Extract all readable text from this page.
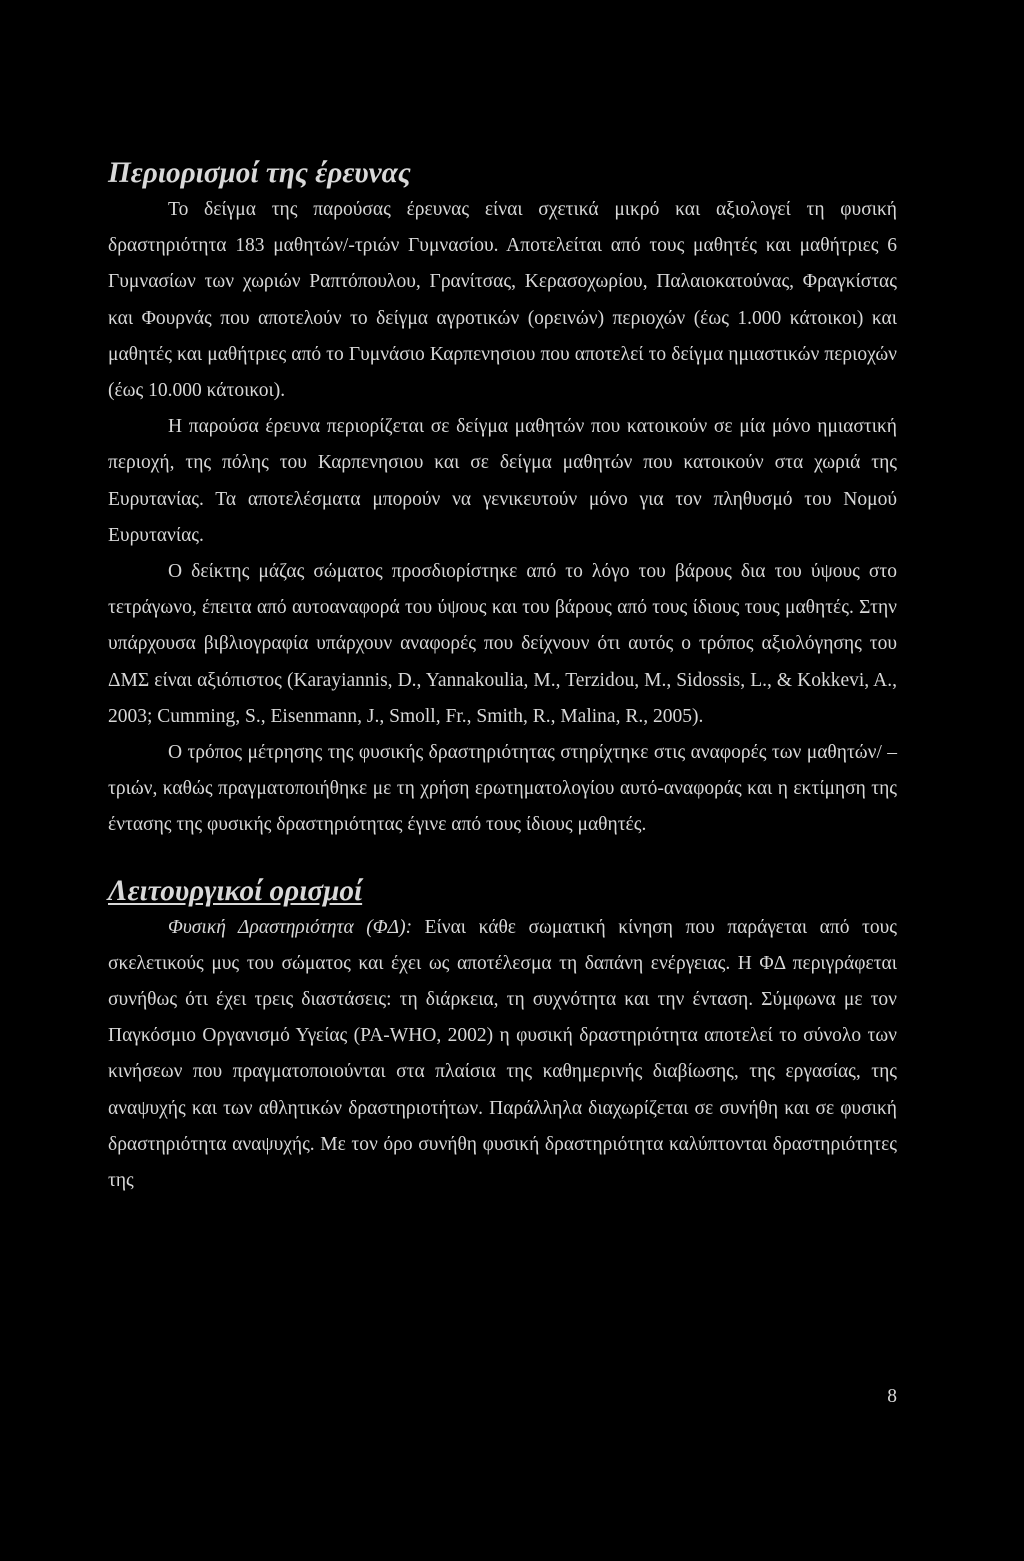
Περιορισμοί της έρευνας

Το δείγμα της παρούσας έρευνας είναι σχετικά μικρό και αξιολογεί τη φυσική δραστηριότητα 183 μαθητών/-τριών Γυμνασίου. Αποτελείται από τους μαθητές και μαθήτριες 6 Γυμνασίων των χωριών Ραπτόπουλου, Γρανίτσας, Κερασοχωρίου, Παλαιοκατούνας, Φραγκίστας και Φουρνάς που αποτελούν το δείγμα αγροτικών (ορεινών) περιοχών (έως 1.000 κάτοικοι) και μαθητές και μαθήτριες από το Γυμνάσιο Καρπενησιου που αποτελεί το δείγμα ημιαστικών περιοχών (έως 10.000 κάτοικοι).

Η παρούσα έρευνα περιορίζεται σε δείγμα μαθητών που κατοικούν σε μία μόνο ημιαστική περιοχή, της πόλης του Καρπενησιου και σε δείγμα μαθητών που κατοικούν στα χωριά της Ευρυτανίας. Τα αποτελέσματα μπορούν να γενικευτούν μόνο για τον πληθυσμό του Νομού Ευρυτανίας.

Ο δείκτης μάζας σώματος προσδιορίστηκε από το λόγο του βάρους δια του ύψους στο τετράγωνο, έπειτα από αυτοαναφορά του ύψους και του βάρους από τους ίδιους τους μαθητές. Στην υπάρχουσα βιβλιογραφία υπάρχουν αναφορές που δείχνουν ότι αυτός ο τρόπος αξιολόγησης του ΔΜΣ είναι αξιόπιστος (Karayiannis, D., Yannakoulia, M., Terzidou, M., Sidossis, L., & Kokkevi, A., 2003; Cumming, S., Eisenmann, J., Smoll, Fr., Smith, R., Malina, R., 2005).

Ο τρόπος μέτρησης της φυσικής δραστηριότητας στηρίχτηκε στις αναφορές των μαθητών/ –τριών, καθώς πραγματοποιήθηκε με τη χρήση ερωτηματολογίου αυτό-αναφοράς και η εκτίμηση της έντασης της φυσικής δραστηριότητας έγινε από τους ίδιους μαθητές.

Λειτουργικοί ορισμοί

Φυσική Δραστηριότητα (ΦΔ): Είναι κάθε σωματική κίνηση που παράγεται από τους σκελετικούς μυς του σώματος και έχει ως αποτέλεσμα τη δαπάνη ενέργειας. Η ΦΔ περιγράφεται συνήθως ότι έχει τρεις διαστάσεις: τη διάρκεια, τη συχνότητα και την ένταση. Σύμφωνα με τον Παγκόσμιο Οργανισμό Υγείας (PA-WHO, 2002) η φυσική δραστηριότητα αποτελεί το σύνολο των κινήσεων που πραγματοποιούνται στα πλαίσια της καθημερινής διαβίωσης, της εργασίας, της αναψυχής και των αθλητικών δραστηριοτήτων. Παράλληλα διαχωρίζεται σε συνήθη και σε φυσική δραστηριότητα αναψυχής. Με τον όρο συνήθη φυσική δραστηριότητα καλύπτονται δραστηριότητες της

8
